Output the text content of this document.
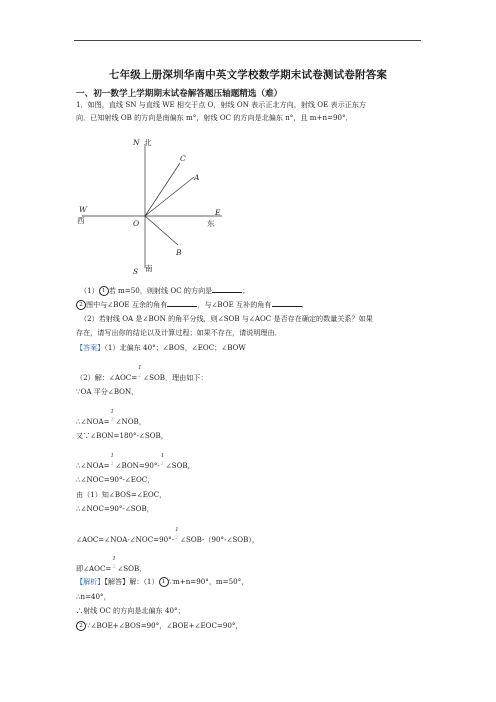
七年级上册深圳华南中英文学校数学期末试卷测试卷附答案
一、初一数学上学期期末试卷解答题压轴题精选（难）
1．如图，直线 SN 与直线 WE 相交于点 O，射线 ON 表示正北方向，射线 OE 表示正东方
向．已知射线 OB 的方向是南偏东 m°，射线 OC 的方向是北偏东 n°，且 m+n=90°．
N 北
C
A
W
西	O
E
东
B
S 南
（1） 1 若 m=50，则射线 OC 的方向是	；
2 图中与∠BOE 互余的角有	，与∠BOE 互补的角有	．
（2）若射线 OA 是∠BON 的角平分线，则∠SOB 与∠AOC 是否存在确定的数量关系？如果
存在，请写出你的结论以及计算过程；如果不存在，请说明理由．
【答案】（1）北偏东 40°；∠BOS，∠EOC；∠BOW
（2）解：∠AOC=
1
2 ∠SOB．理由如下：
∵OA 平分∠BON，
∴∠NOA=
1
2 ∠NOB，
又∵∠BON=180°-∠SOB，
∴∠NOA=
1
2 ∠BON=90°-
1
2 ∠SOB，
∴∠NOC=90°-∠EOC，
由（1）知∠BOS=∠EOC，
∴∠NOC=90°-∠SOB，
∠AOC=∠NOA-∠NOC=90°-
1
2 ∠SOB-（90°-∠SOB），
即∠AOC=
1
2 ∠SOB．
【解析】【解答】解：（1） 1 ∵m+n=90°，m=50°，
∴n=40°，
∴射线 OC 的方向是北偏东 40°；
2 ∵∠BOE+∠BOS=90°，∠BOE+∠EOC=90°，
